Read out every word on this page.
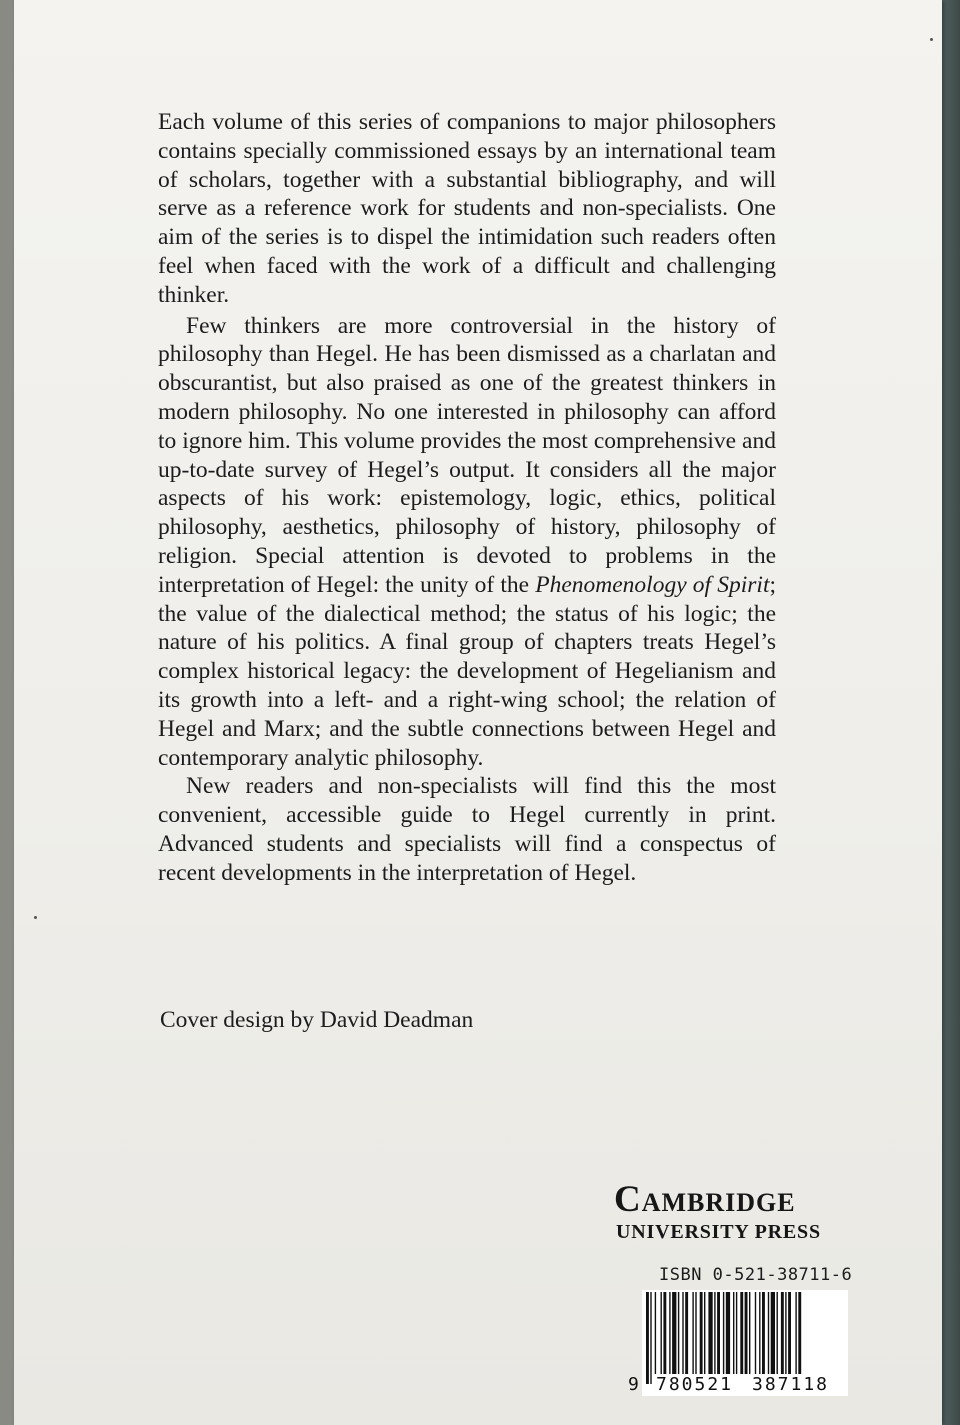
Each volume of this series of companions to major philosophers contains specially commissioned essays by an international team of scholars, together with a substantial bibliography, and will serve as a reference work for students and non-specialists. One aim of the series is to dispel the intimidation such readers often feel when faced with the work of a difficult and challenging thinker.

Few thinkers are more controversial in the history of philosophy than Hegel. He has been dismissed as a charlatan and obscurantist, but also praised as one of the greatest thinkers in modern philosophy. No one interested in philosophy can afford to ignore him. This volume provides the most comprehensive and up-to-date survey of Hegel’s output. It considers all the major aspects of his work: epistemology, logic, ethics, political philosophy, aesthetics, philosophy of history, philosophy of religion. Special attention is devoted to problems in the interpretation of Hegel: the unity of the Phenomenology of Spirit; the value of the dialectical method; the status of his logic; the nature of his politics. A final group of chapters treats Hegel’s complex historical legacy: the development of Hegelianism and its growth into a left- and a right-wing school; the relation of Hegel and Marx; and the subtle connections between Hegel and contemporary analytic philosophy.

New readers and non-specialists will find this the most convenient, accessible guide to Hegel currently in print. Advanced students and specialists will find a conspectus of recent developments in the interpretation of Hegel.

Cover design by David Deadman
Cambridge
UNIVERSITY PRESS
ISBN 0-521-38711-6
9 780521 387118
